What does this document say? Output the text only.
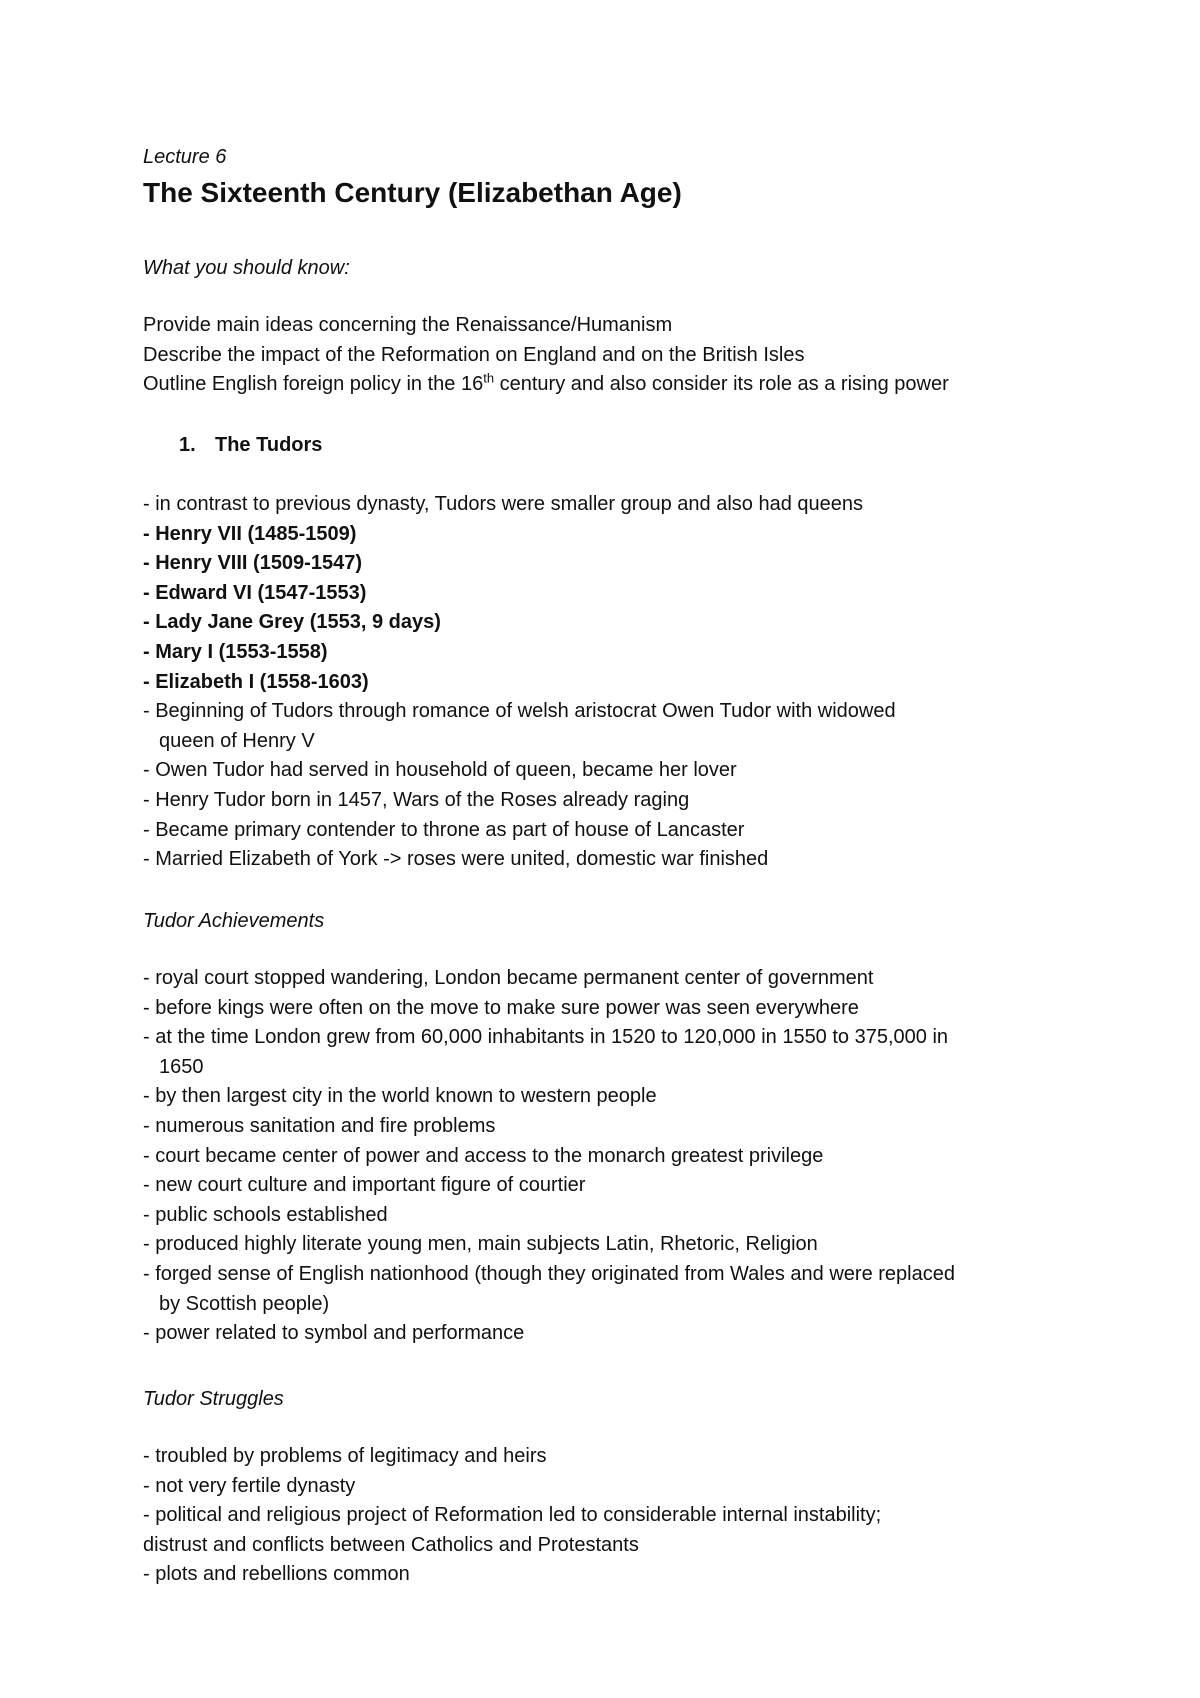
Lecture 6
The Sixteenth Century (Elizabethan Age)
What you should know:
Provide main ideas concerning the Renaissance/Humanism
Describe the impact of the Reformation on England and on the British Isles
Outline English foreign policy in the 16th century and also consider its role as a rising power
1. The Tudors
- in contrast to previous dynasty, Tudors were smaller group and also had queens
- Henry VII (1485-1509)
- Henry VIII (1509-1547)
- Edward VI (1547-1553)
- Lady Jane Grey (1553, 9 days)
- Mary I (1553-1558)
- Elizabeth I (1558-1603)
- Beginning of Tudors through romance of welsh aristocrat Owen Tudor with widowed
queen of Henry V
- Owen Tudor had served in household of queen, became her lover
- Henry Tudor born in 1457, Wars of the Roses already raging
- Became primary contender to throne as part of house of Lancaster
- Married Elizabeth of York -> roses were united, domestic war finished
Tudor Achievements
- royal court stopped wandering, London became permanent center of government
- before kings were often on the move to make sure power was seen everywhere
- at the time London grew from 60,000 inhabitants in 1520 to 120,000 in 1550 to 375,000 in
1650
- by then largest city in the world known to western people
- numerous sanitation and fire problems
- court became center of power and access to the monarch greatest privilege
- new court culture and important figure of courtier
- public schools established
- produced highly literate young men, main subjects Latin, Rhetoric, Religion
- forged sense of English nationhood (though they originated from Wales and were replaced
by Scottish people)
- power related to symbol and performance
Tudor Struggles
- troubled by problems of legitimacy and heirs
- not very fertile dynasty
- political and religious project of Reformation led to considerable internal instability;
distrust and conflicts between Catholics and Protestants
- plots and rebellions common
